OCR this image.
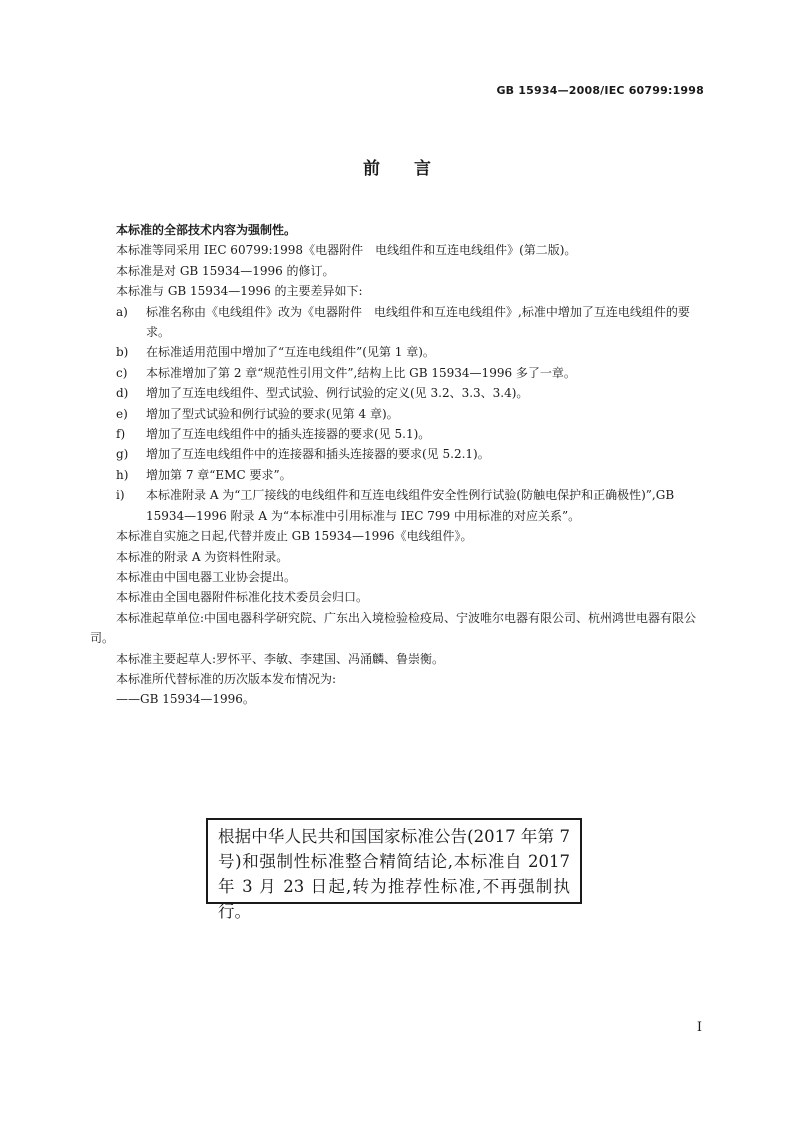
GB 15934—2008/IEC 60799:1998
前言

本标准的全部技术内容为强制性。

本标准等同采用 IEC 60799:1998《电器附件　电线组件和互连电线组件》(第二版)。

本标准是对 GB 15934—1996 的修订。

本标准与 GB 15934—1996 的主要差异如下:

a)	标准名称由《电线组件》改为《电器附件　电线组件和互连电线组件》,标准中增加了互连电线组件的要求。
b)	在标准适用范围中增加了“互连电线组件”(见第 1 章)。
c)	本标准增加了第 2 章“规范性引用文件”,结构上比 GB 15934—1996 多了一章。
d)	增加了互连电线组件、型式试验、例行试验的定义(见 3.2、3.3、3.4)。
e)	增加了型式试验和例行试验的要求(见第 4 章)。
f)	增加了互连电线组件中的插头连接器的要求(见 5.1)。
g)	增加了互连电线组件中的连接器和插头连接器的要求(见 5.2.1)。
h)	增加第 7 章“EMC 要求”。
i)	本标准附录 A 为“工厂接线的电线组件和互连电线组件安全性例行试验(防触电保护和正确极性)”,GB 15934—1996 附录 A 为“本标准中引用标准与 IEC 799 中用标准的对应关系”。

本标准自实施之日起,代替并废止 GB 15934—1996《电线组件》。

本标准的附录 A 为资料性附录。

本标准由中国电器工业协会提出。

本标准由全国电器附件标准化技术委员会归口。

本标准起草单位:中国电器科学研究院、广东出入境检验检疫局、宁波唯尔电器有限公司、杭州鸿世电器有限公司。

本标准主要起草人:罗怀平、李敏、李建国、冯涌麟、鲁崇衡。

本标准所代替标准的历次版本发布情况为:

——GB 15934—1996。

根据中华人民共和国国家标准公告(2017 年第 7 号)和强制性标准整合精简结论,本标准自 2017 年 3 月 23 日起,转为推荐性标准,不再强制执行。
I
